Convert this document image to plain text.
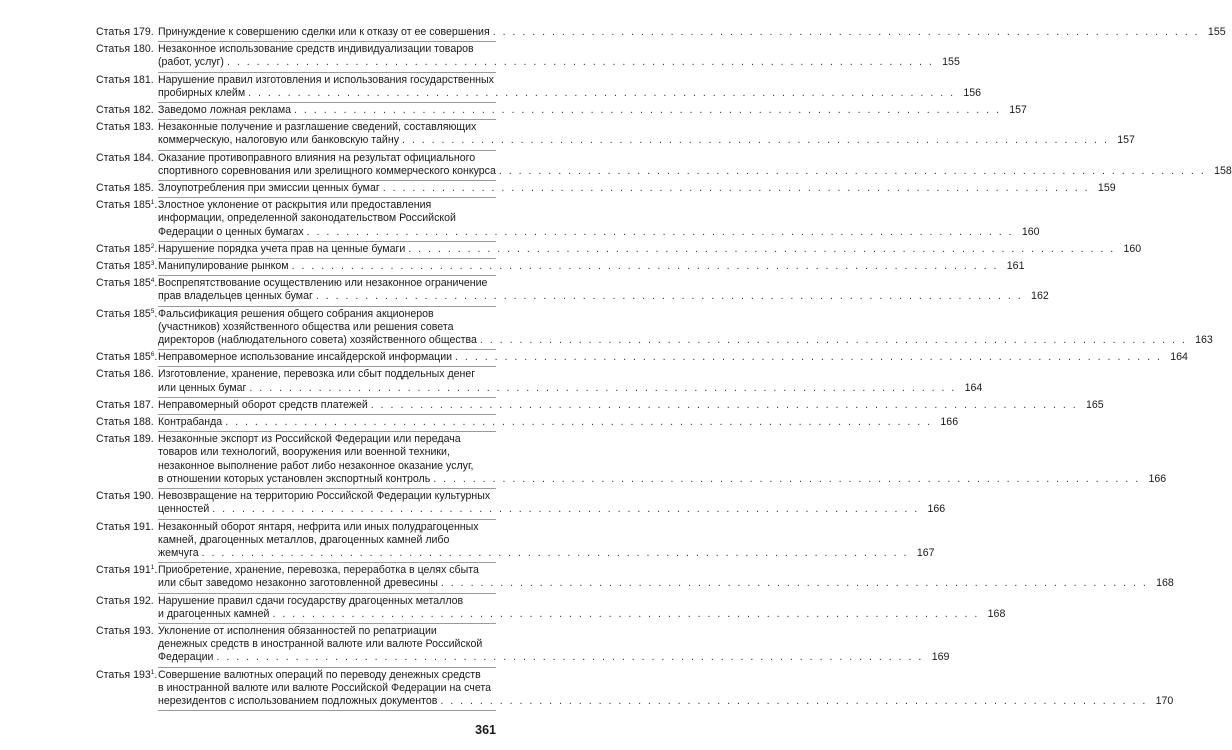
Статья 179. Принуждение к совершению сделки или к отказу от ее совершения . . .	155
Статья 180. Незаконное использование средств индивидуализации товаров
(работ, услуг) . . .	155
Статья 181. Нарушение правил изготовления и использования государственных
пробирных клейм . . .	156
Статья 182. Заведомо ложная реклама . . .	157
Статья 183. Незаконные получение и разглашение сведений, составляющих
коммерческую, налоговую или банковскую тайну . . .	157
Статья 184. Оказание противоправного влияния на результат официального
спортивного соревнования или зрелищного коммерческого конкурса . . .	158
Статья 185. Злоупотребления при эмиссии ценных бумаг . . .	159
Статья $185^1$. Злостное уклонение от раскрытия или предоставления
информации, определенной законодательством Российской
Федерации о ценных бумагах . . .	160
Статья $185^2$. Нарушение порядка учета прав на ценные бумаги . . .	160
Статья $185^3$. Манипулирование рынком . . .	161
Статья $185^4$. Воспрепятствование осуществлению или незаконное ограничение
прав владельцев ценных бумаг . . .	162
Статья $185^5$. Фальсификация решения общего собрания акционеров
(участников) хозяйственного общества или решения совета
директоров (наблюдательного совета) хозяйственного общества . . .	163
Статья $185^6$. Неправомерное использование инсайдерской информации . . .	164
Статья 186. Изготовление, хранение, перевозка или сбыт поддельных денег
или ценных бумаг . . .	164
Статья 187. Неправомерный оборот средств платежей . . .	165
Статья 188. Контрабанда . . .	166
Статья 189. Незаконные экспорт из Российской Федерации или передача
товаров или технологий, вооружения или военной техники,
незаконное выполнение работ либо незаконное оказание услуг,
в отношении которых установлен экспортный контроль . . .	166
Статья 190. Невозвращение на территорию Российской Федерации культурных
ценностей . . .	166
Статья 191. Незаконный оборот янтаря, нефрита или иных полудрагоценных
камней, драгоценных металлов, драгоценных камней либо
жемчуга . . .	167
Статья $191^1$. Приобретение, хранение, перевозка, переработка в целях сбыта
или сбыт заведомо незаконно заготовленной древесины . . .	168
Статья 192. Нарушение правил сдачи государству драгоценных металлов
и драгоценных камней . . .	168
Статья 193. Уклонение от исполнения обязанностей по репатриации
денежных средств в иностранной валюте или валюте Российской
Федерации . . .	169
Статья $193^1$. Совершение валютных операций по переводу денежных средств
в иностранной валюте или валюте Российской Федерации на счета
нерезидентов с использованием подложных документов . . .	170
361
